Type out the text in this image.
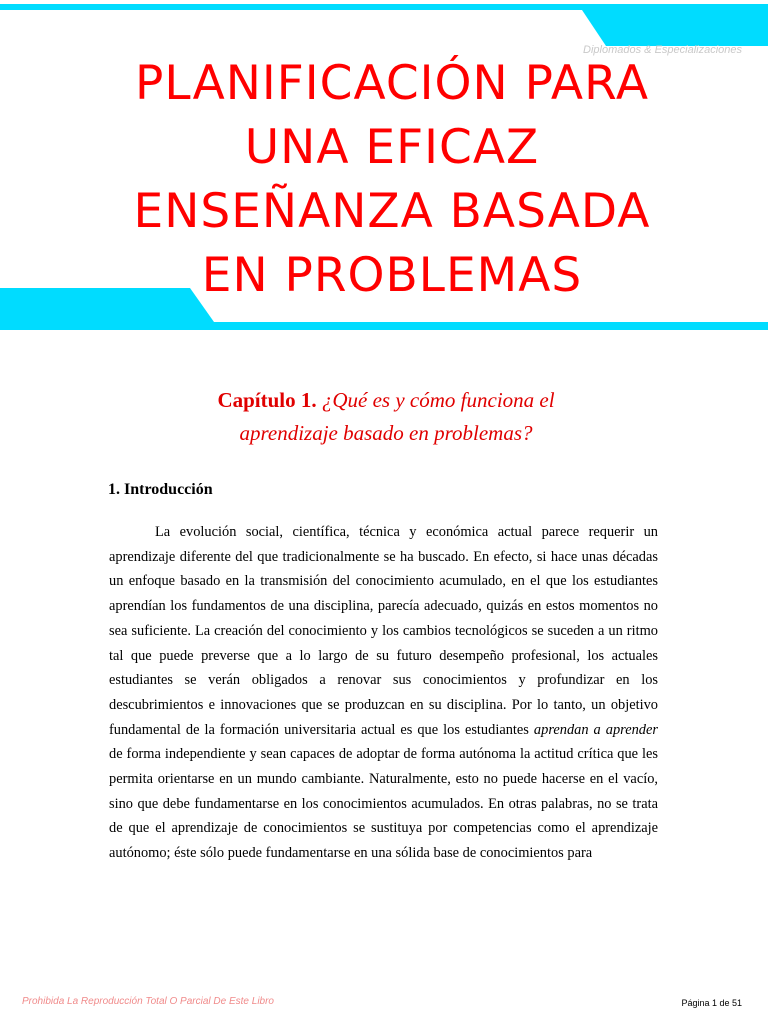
Diplomados & Especializaciones
PLANIFICACIÓN PARA
UNA EFICAZ
ENSEÑANZA BASADA
EN PROBLEMAS
Capítulo 1. ¿Qué es y cómo funciona el
aprendizaje basado en problemas?
1. Introducción

La evolución social, científica, técnica y económica actual parece requerir un aprendizaje diferente del que tradicionalmente se ha buscado. En efecto, si hace unas décadas un enfoque basado en la transmisión del conocimiento acumulado, en el que los estudiantes aprendían los fundamentos de una disciplina, parecía adecuado, quizás en estos momentos no sea suficiente. La creación del conocimiento y los cambios tecnológicos se suceden a un ritmo tal que puede preverse que a lo largo de su futuro desempeño profesional, los actuales estudiantes se verán obligados a renovar sus conocimientos y profundizar en los descubrimientos e innovaciones que se produzcan en su disciplina. Por lo tanto, un objetivo fundamental de la formación universitaria actual es que los estudiantes aprendan a aprender de forma independiente y sean capaces de adoptar de forma autónoma la actitud crítica que les permita orientarse en un mundo cambiante. Naturalmente, esto no puede hacerse en el vacío, sino que debe fundamentarse en los conocimientos acumulados. En otras palabras, no se trata de que el aprendizaje de conocimientos se sustituya por competencias como el aprendizaje autónomo; éste sólo puede fundamentarse en una sólida base de conocimientos para

Prohibida La Reproducción Total O Parcial De Este Libro	Página 1 de 51
